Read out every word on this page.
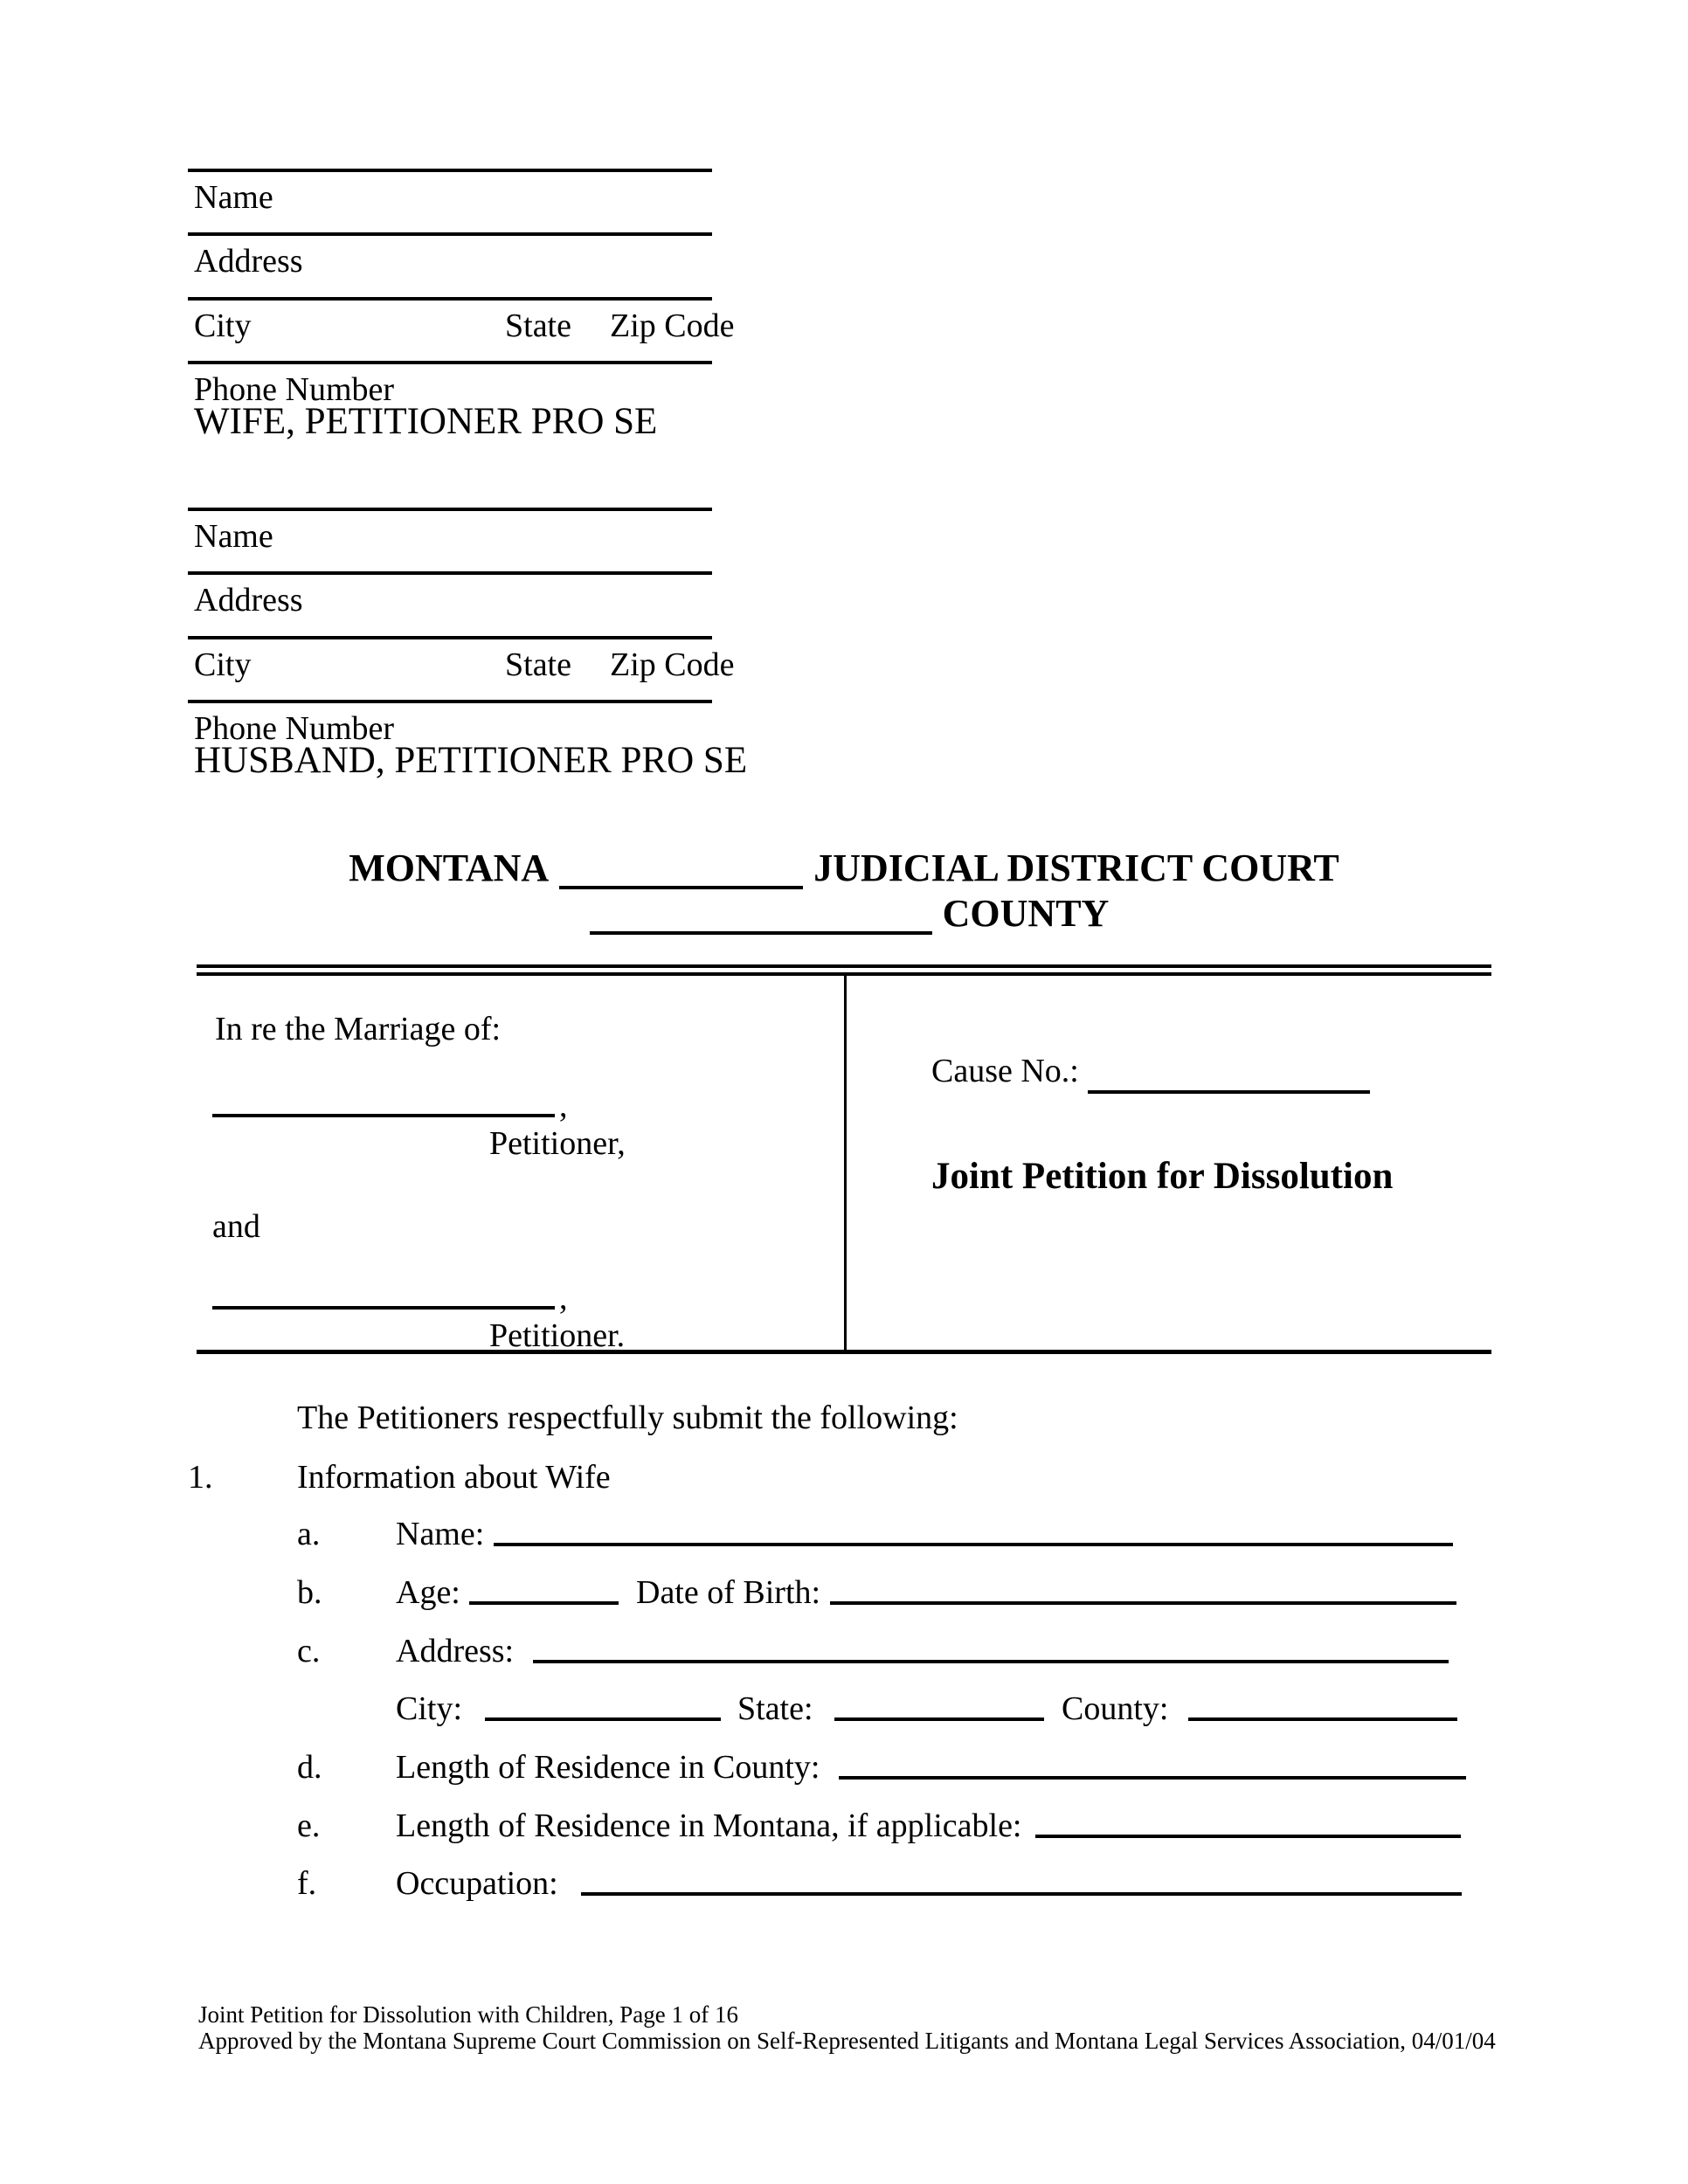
Name
Address
City	State Zip Code
Phone Number
WIFE, PETITIONER PRO SE
Name
Address
City	State Zip Code
Phone Number
HUSBAND, PETITIONER PRO SE
MONTANA	JUDICIAL DISTRICT COURT
COUNTY
In re the Marriage of:
,
Petitioner,
and
,
Petitioner.
Cause No.:
Joint Petition for Dissolution
The Petitioners respectfully submit the following:
1.	Information about Wife
a. Name:
b. Age:	Date of Birth:
c. Address:
City:	State:	County:
d. Length of Residence in County:
e. Length of Residence in Montana, if applicable:
f. Occupation:
Joint Petition for Dissolution with Children, Page 1 of 16
Approved by the Montana Supreme Court Commission on Self-Represented Litigants and Montana Legal Services Association, 04/01/04
